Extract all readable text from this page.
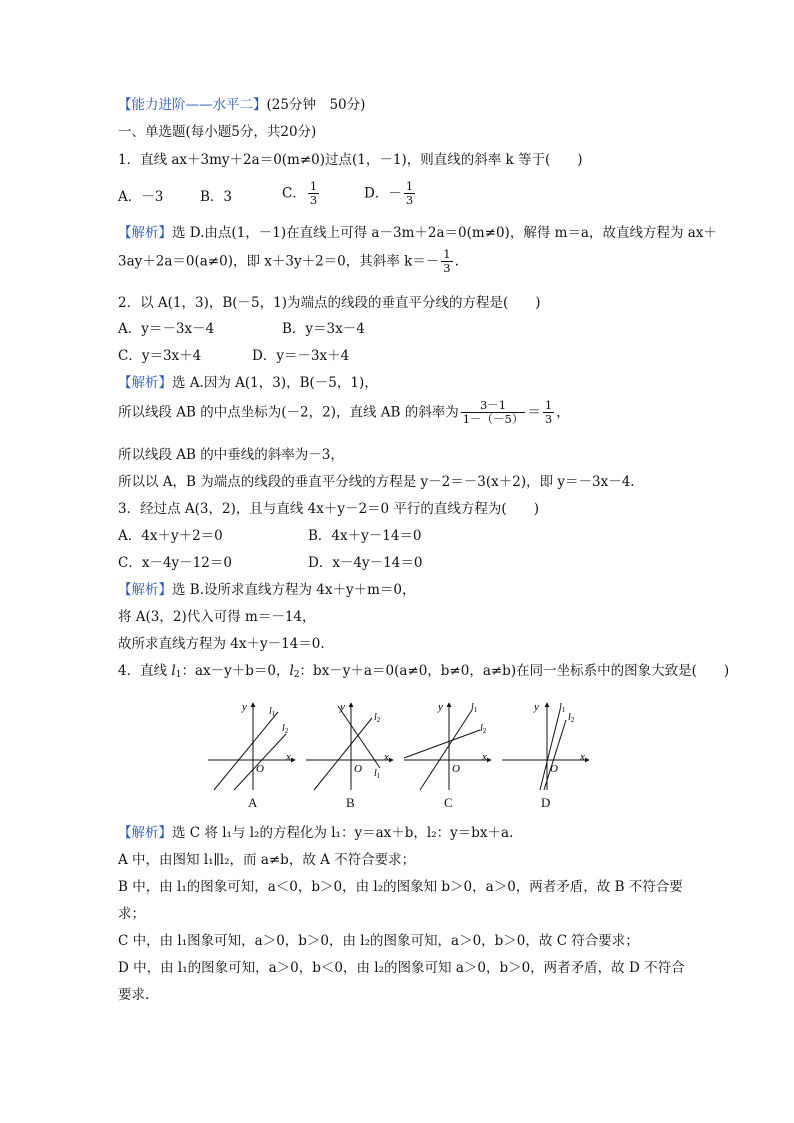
【能力进阶——水平二】(25分钟　50分)
一、单选题(每小题5分，共20分)
1．直线 ax＋3my＋2a＝0(m≠0)过点(1，－1)，则直线的斜率 k 等于(　　)
A．－3	B．3	C． $\frac{1}{3}$	D．－ $\frac{1}{3}$
【解析】选 D.由点(1，－1)在直线上可得 a－3m＋2a＝0(m≠0)，解得 m＝a，故直线方程为 ax＋
3ay＋2a＝0(a≠0)，即 x＋3y＋2＝0，其斜率 $k=- \frac{1}{3}$ .
2．以 A(1，3)，B(－5，1)为端点的线段的垂直平分线的方程是(　　)
A．y＝－3x－4	B．y＝3x－4
C．y＝3x＋4	D．y＝－3x＋4
【解析】选 A.因为 A(1，3)，B(－5，1)，
所以线段 AB 的中点坐标为(－2，2)，直线 AB 的斜率为 $\frac{3-1}{1-(-5)} = \frac{1}{3}$ ，
所以线段 AB 的中垂线的斜率为－3，
所以以 A，B 为端点的线段的垂直平分线的方程是 y－2＝－3(x＋2)，即 y＝－3x－4.
3．经过点 A(3，2)，且与直线 4x＋y－2＝0 平行的直线方程为(　　)
A．4x＋y＋2＝0	B．4x＋y－14＝0
C．x－4y－12＝0	D．x－4y－14＝0
【解析】选 B.设所求直线方程为 4x＋y＋m＝0，
将 A(3，2)代入可得 m＝－14，
故所求直线方程为 4x＋y－14＝0.
4．直线 $l_1$：ax－y＋b＝0，$l_2$：bx－y＋a＝0(a≠0，b≠0，a≠b)在同一坐标系中的图象大致是(　　)
y
x
O
$l_1$
$l_2$
y
x
O
$l_2$
$l_1$
y
x
O
$l_1$
$l_2$
y
x
O
$l_1$
$l_2$
A	B	C	D
【解析】选 C 将 l₁与 l₂的方程化为 l₁：y＝ax＋b，l₂：y＝bx＋a.
A 中，由图知 l₁∥l₂，而 a≠b，故 A 不符合要求；
B 中，由 l₁的图象可知，a＜0，b＞0，由 l₂的图象知 b＞0，a＞0，两者矛盾，故 B 不符合要
求；
C 中，由 l₁图象可知，a＞0，b＞0，由 l₂的图象可知，a＞0，b＞0，故 C 符合要求；
D 中，由 l₁的图象可知，a＞0，b＜0，由 l₂的图象可知 a＞0，b＞0，两者矛盾，故 D 不符合
要求.
